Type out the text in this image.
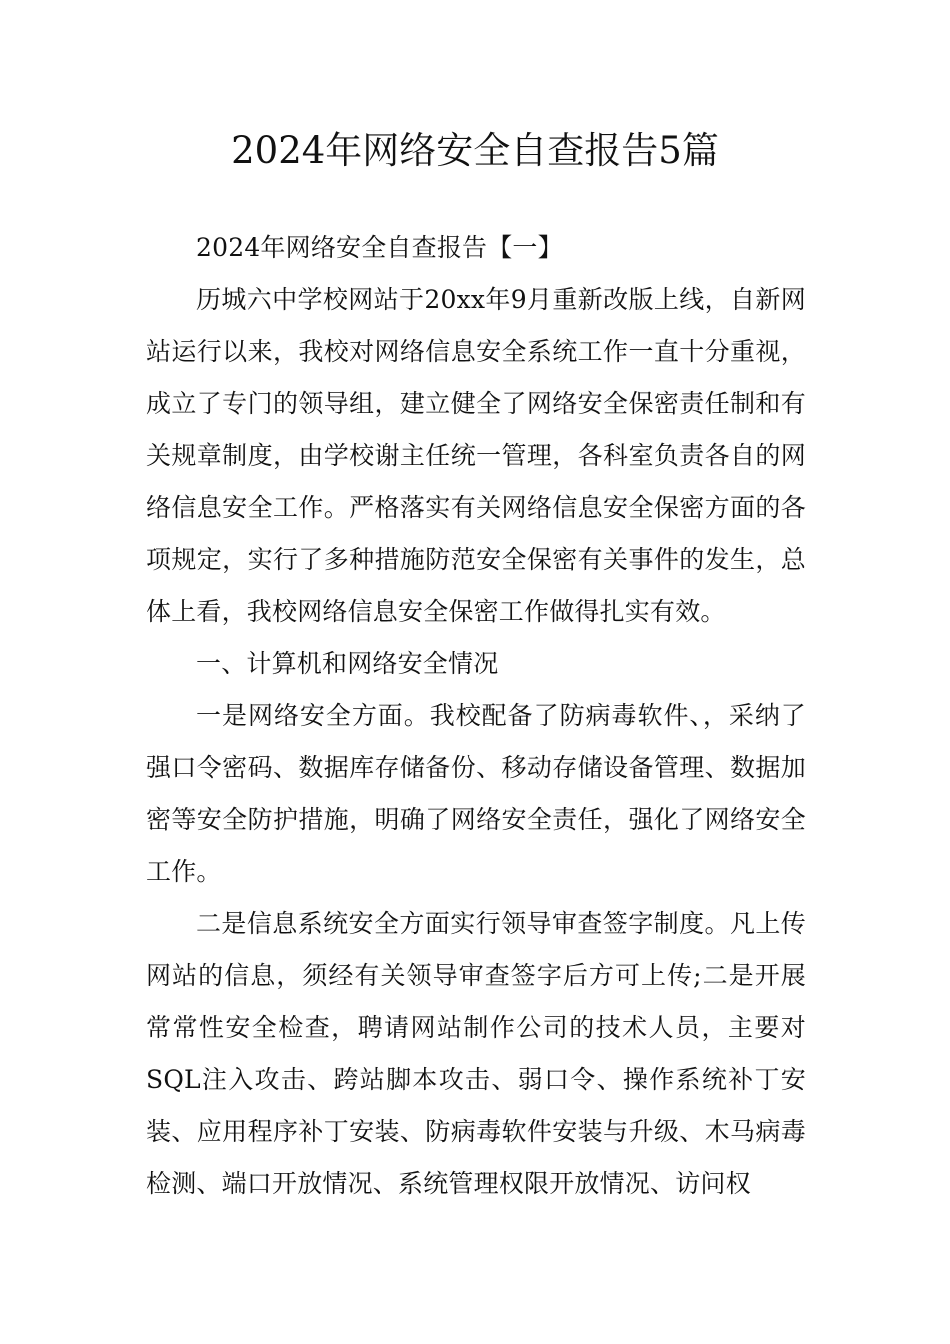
2024年网络安全自查报告5篇

2024年网络安全自查报告【一】

历城六中学校网站于20xx年9月重新改版上线，自新网站运行以来，我校对网络信息安全系统工作一直十分重视，成立了专门的领导组，建立健全了网络安全保密责任制和有关规章制度，由学校谢主任统一管理，各科室负责各自的网络信息安全工作。严格落实有关网络信息安全保密方面的各项规定，实行了多种措施防范安全保密有关事件的发生，总体上看，我校网络信息安全保密工作做得扎实有效。

一、计算机和网络安全情况

一是网络安全方面。我校配备了防病毒软件、，采纳了强口令密码、数据库存储备份、移动存储设备管理、数据加密等安全防护措施，明确了网络安全责任，强化了网络安全工作。

二是信息系统安全方面实行领导审查签字制度。凡上传网站的信息，须经有关领导审查签字后方可上传;二是开展常常性安全检查，聘请网站制作公司的技术人员，主要对SQL注入攻击、跨站脚本攻击、弱口令、操作系统补丁安装、应用程序补丁安装、防病毒软件安装与升级、木马病毒检测、端口开放情况、系统管理权限开放情况、访问权
